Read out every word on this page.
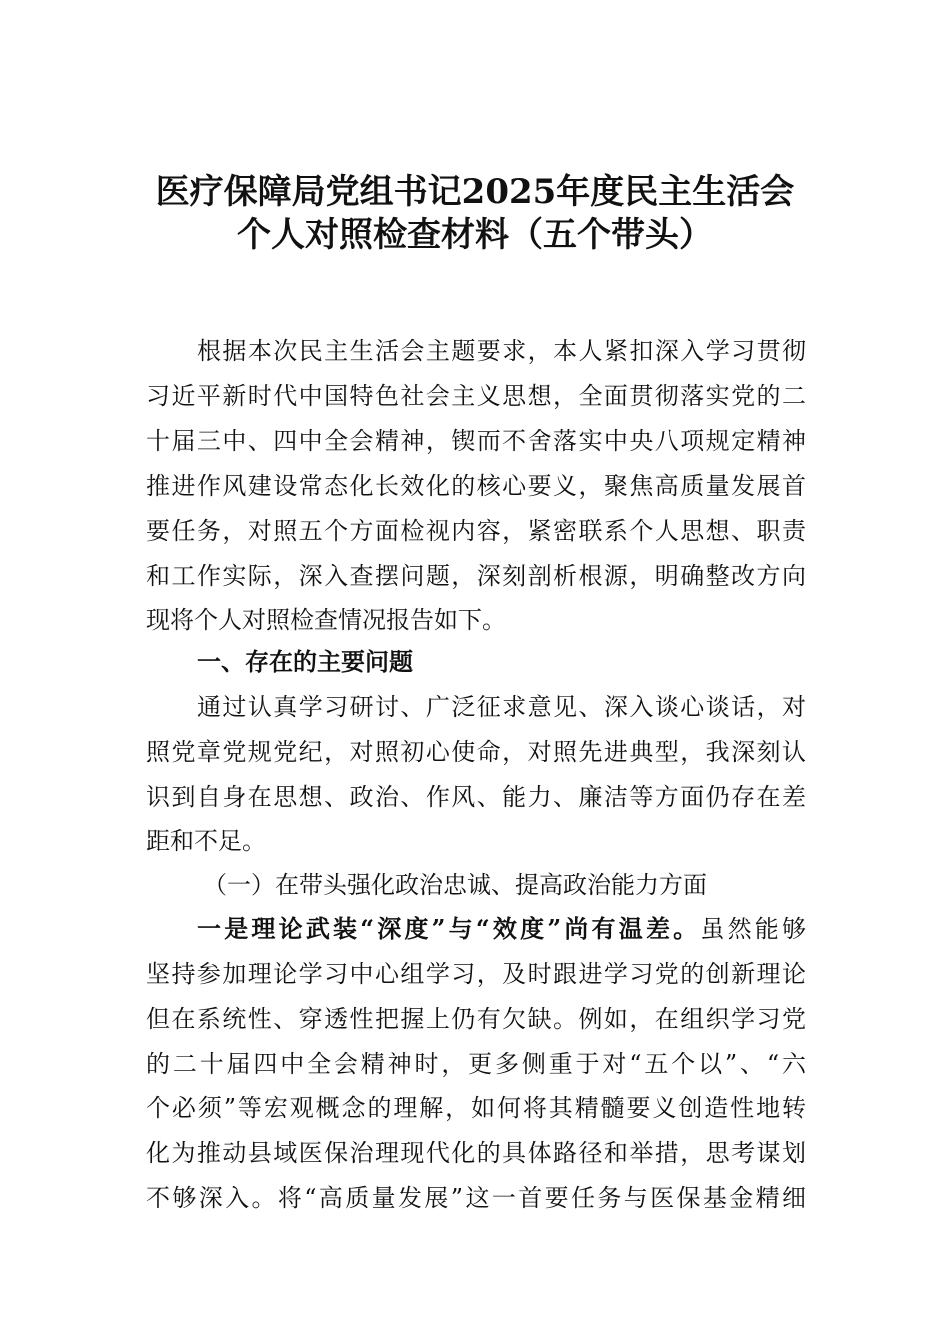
医疗保障局党组书记2025年度民主生活会
个人对照检查材料（五个带头）
根据本次民主生活会主题要求，本人紧扣深入学习贯彻
习近平新时代中国特色社会主义思想，全面贯彻落实党的二
十届三中、四中全会精神，锲而不舍落实中央八项规定精神
推进作风建设常态化长效化的核心要义，聚焦高质量发展首
要任务，对照五个方面检视内容，紧密联系个人思想、职责
和工作实际，深入查摆问题，深刻剖析根源，明确整改方向
现将个人对照检查情况报告如下。
一、存在的主要问题
通过认真学习研讨、广泛征求意见、深入谈心谈话，对
照党章党规党纪，对照初心使命，对照先进典型，我深刻认
识到自身在思想、政治、作风、能力、廉洁等方面仍存在差
距和不足。
（一）在带头强化政治忠诚、提高政治能力方面
一是理论武装“深度”与“效度”尚有温差。虽然能够
坚持参加理论学习中心组学习，及时跟进学习党的创新理论
但在系统性、穿透性把握上仍有欠缺。例如，在组织学习党
的二十届四中全会精神时，更多侧重于对“五个以”、“六
个必须”等宏观概念的理解，如何将其精髓要义创造性地转
化为推动县域医保治理现代化的具体路径和举措，思考谋划
不够深入。将“高质量发展”这一首要任务与医保基金精细
